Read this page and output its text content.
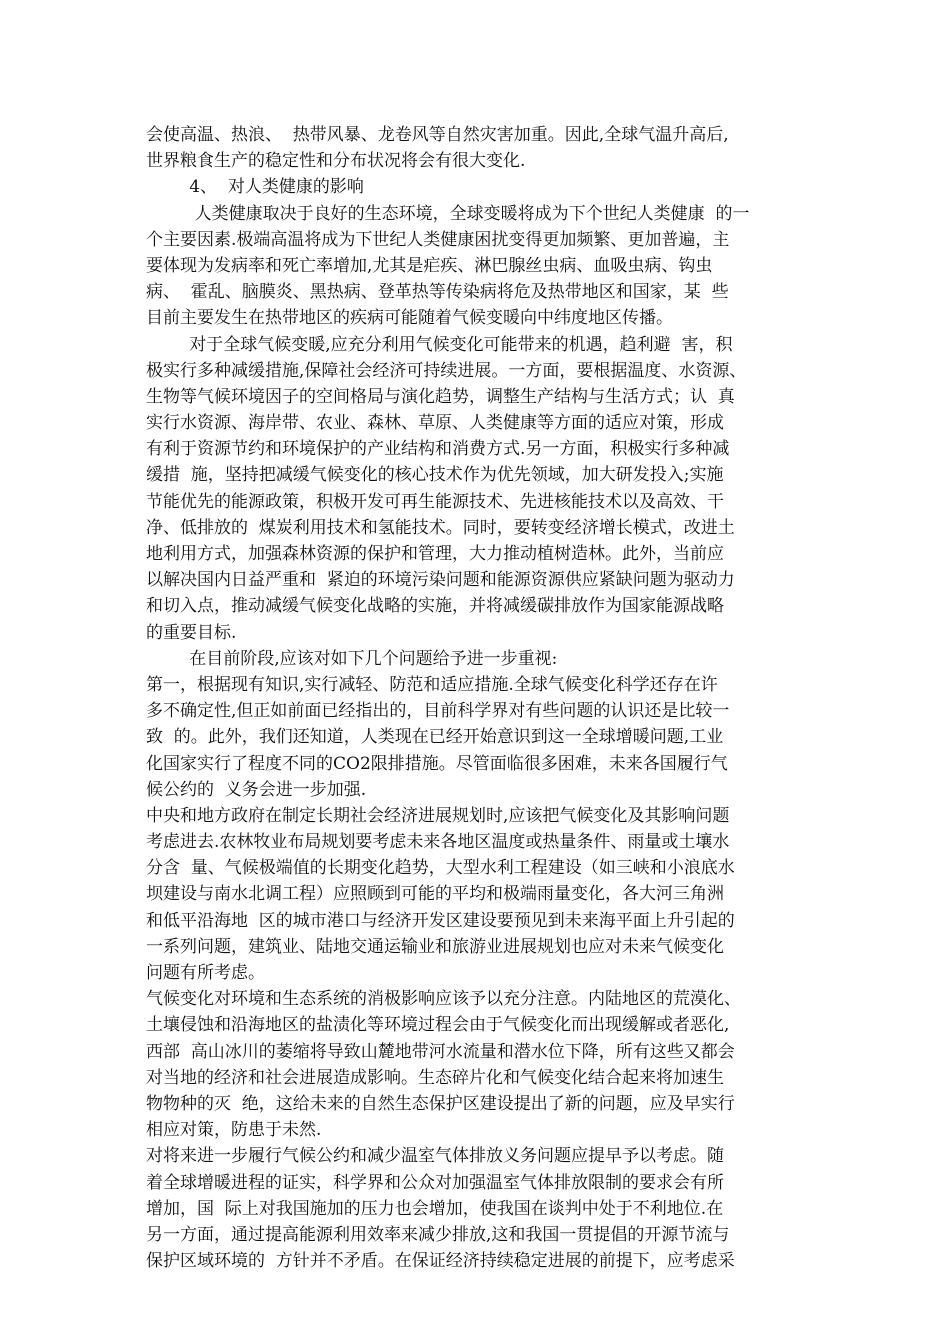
会使高温、热浪、  热带风暴、龙卷风等自然灾害加重。因此,全球气温升高后,
世界粮食生产的稳定性和分布状况将会有很大变化.
4、  对人类健康的影响
人类健康取决于良好的生态环境，全球变暖将成为下个世纪人类健康  的一
个主要因素.极端高温将成为下世纪人类健康困扰变得更加频繁、更加普遍，主
要体现为发病率和死亡率增加,尤其是疟疾、淋巴腺丝虫病、血吸虫病、钩虫
病、  霍乱、脑膜炎、黑热病、登革热等传染病将危及热带地区和国家，某  些
目前主要发生在热带地区的疾病可能随着气候变暖向中纬度地区传播。
对于全球气候变暖,应充分利用气候变化可能带来的机遇，趋利避  害，积
极实行多种减缓措施,保障社会经济可持续进展。一方面，要根据温度、水资源、
生物等气候环境因子的空间格局与演化趋势，调整生产结构与生活方式；认  真
实行水资源、海岸带、农业、森林、草原、人类健康等方面的适应对策，形成
有利于资源节约和环境保护的产业结构和消费方式.另一方面，积极实行多种减
缓措  施，坚持把减缓气候变化的核心技术作为优先领域，加大研发投入;实施
节能优先的能源政策，积极开发可再生能源技术、先进核能技术以及高效、干
净、低排放的  煤炭利用技术和氢能技术。同时，要转变经济增长模式，改进土
地利用方式，加强森林资源的保护和管理，大力推动植树造林。此外，当前应
以解决国内日益严重和  紧迫的环境污染问题和能源资源供应紧缺问题为驱动力
和切入点，推动减缓气候变化战略的实施，并将减缓碳排放作为国家能源战略
的重要目标.
在目前阶段,应该对如下几个问题给予进一步重视:
第一，根据现有知识,实行减轻、防范和适应措施.全球气候变化科学还存在许
多不确定性,但正如前面已经指出的，目前科学界对有些问题的认识还是比较一
致  的。此外，我们还知道，人类现在已经开始意识到这一全球增暖问题,工业
化国家实行了程度不同的CO2限排措施。尽管面临很多困难，未来各国履行气
候公约的  义务会进一步加强.
中央和地方政府在制定长期社会经济进展规划时,应该把气候变化及其影响问题
考虑进去.农林牧业布局规划要考虑未来各地区温度或热量条件、雨量或土壤水
分含  量、气候极端值的长期变化趋势，大型水利工程建设（如三峡和小浪底水
坝建设与南水北调工程）应照顾到可能的平均和极端雨量变化，各大河三角洲
和低平沿海地  区的城市港口与经济开发区建设要预见到未来海平面上升引起的
一系列问题，建筑业、陆地交通运输业和旅游业进展规划也应对未来气候变化
问题有所考虑。
气候变化对环境和生态系统的消极影响应该予以充分注意。内陆地区的荒漠化、
土壤侵蚀和沿海地区的盐渍化等环境过程会由于气候变化而出现缓解或者恶化,
西部  高山冰川的萎缩将导致山麓地带河水流量和潜水位下降，所有这些又都会
对当地的经济和社会进展造成影响。生态碎片化和气候变化结合起来将加速生
物物种的灭  绝，这给未来的自然生态保护区建设提出了新的问题，应及早实行
相应对策，防患于未然.
对将来进一步履行气候公约和减少温室气体排放义务问题应提早予以考虑。随
着全球增暖进程的证实，科学界和公众对加强温室气体排放限制的要求会有所
增加，国  际上对我国施加的压力也会增加，使我国在谈判中处于不利地位.在
另一方面，通过提高能源利用效率来减少排放,这和我国一贯提倡的开源节流与
保护区域环境的  方针并不矛盾。在保证经济持续稳定进展的前提下，应考虑采
